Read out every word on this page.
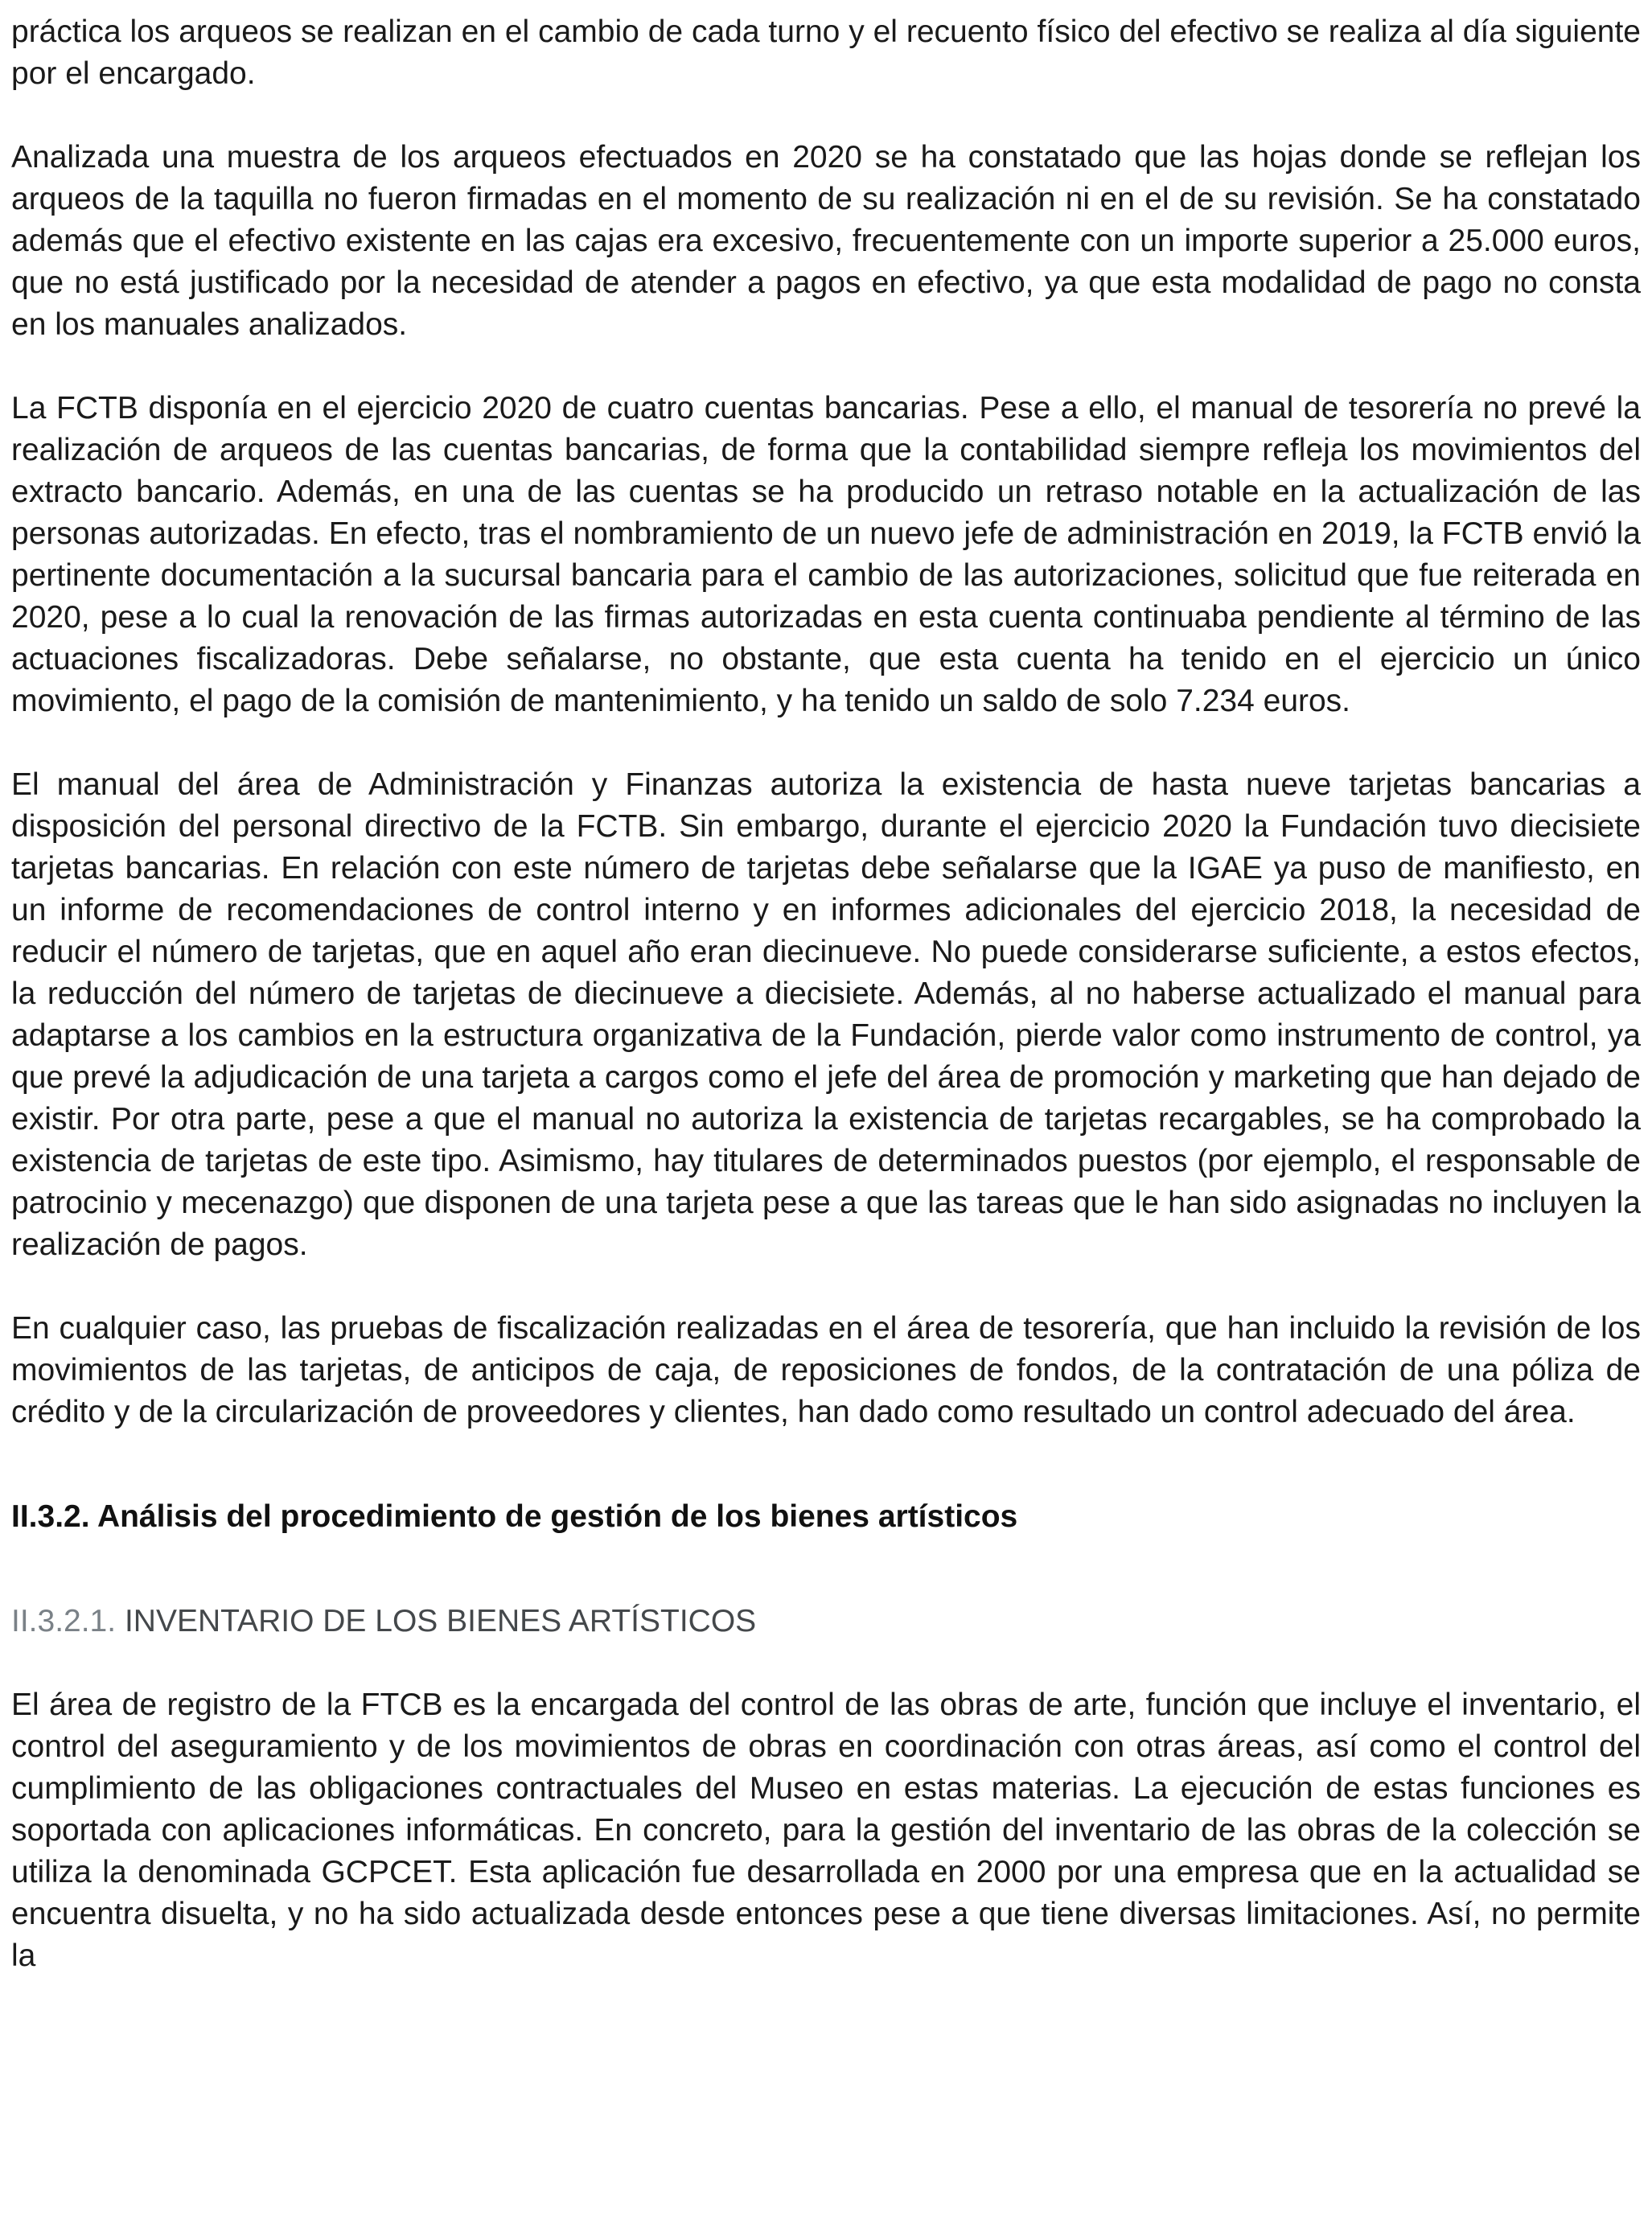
práctica los arqueos se realizan en el cambio de cada turno y el recuento físico del efectivo se realiza al día siguiente por el encargado.

Analizada una muestra de los arqueos efectuados en 2020 se ha constatado que las hojas donde se reflejan los arqueos de la taquilla no fueron firmadas en el momento de su realización ni en el de su revisión. Se ha constatado además que el efectivo existente en las cajas era excesivo, frecuentemente con un importe superior a 25.000 euros, que no está justificado por la necesidad de atender a pagos en efectivo, ya que esta modalidad de pago no consta en los manuales analizados.

La FCTB disponía en el ejercicio 2020 de cuatro cuentas bancarias. Pese a ello, el manual de tesorería no prevé la realización de arqueos de las cuentas bancarias, de forma que la contabilidad siempre refleja los movimientos del extracto bancario. Además, en una de las cuentas se ha producido un retraso notable en la actualización de las personas autorizadas. En efecto, tras el nombramiento de un nuevo jefe de administración en 2019, la FCTB envió la pertinente documentación a la sucursal bancaria para el cambio de las autorizaciones, solicitud que fue reiterada en 2020, pese a lo cual la renovación de las firmas autorizadas en esta cuenta continuaba pendiente al término de las actuaciones fiscalizadoras. Debe señalarse, no obstante, que esta cuenta ha tenido en el ejercicio un único movimiento, el pago de la comisión de mantenimiento, y ha tenido un saldo de solo 7.234 euros.

El manual del área de Administración y Finanzas autoriza la existencia de hasta nueve tarjetas bancarias a disposición del personal directivo de la FCTB. Sin embargo, durante el ejercicio 2020 la Fundación tuvo diecisiete tarjetas bancarias. En relación con este número de tarjetas debe señalarse que la IGAE ya puso de manifiesto, en un informe de recomendaciones de control interno y en informes adicionales del ejercicio 2018, la necesidad de reducir el número de tarjetas, que en aquel año eran diecinueve. No puede considerarse suficiente, a estos efectos, la reducción del número de tarjetas de diecinueve a diecisiete. Además, al no haberse actualizado el manual para adaptarse a los cambios en la estructura organizativa de la Fundación, pierde valor como instrumento de control, ya que prevé la adjudicación de una tarjeta a cargos como el jefe del área de promoción y marketing que han dejado de existir. Por otra parte, pese a que el manual no autoriza la existencia de tarjetas recargables, se ha comprobado la existencia de tarjetas de este tipo. Asimismo, hay titulares de determinados puestos (por ejemplo, el responsable de patrocinio y mecenazgo) que disponen de una tarjeta pese a que las tareas que le han sido asignadas no incluyen la realización de pagos.

En cualquier caso, las pruebas de fiscalización realizadas en el área de tesorería, que han incluido la revisión de los movimientos de las tarjetas, de anticipos de caja, de reposiciones de fondos, de la contratación de una póliza de crédito y de la circularización de proveedores y clientes, han dado como resultado un control adecuado del área.

II.3.2. Análisis del procedimiento de gestión de los bienes artísticos
II.3.2.1. INVENTARIO DE LOS BIENES ARTÍSTICOS

El área de registro de la FTCB es la encargada del control de las obras de arte, función que incluye el inventario, el control del aseguramiento y de los movimientos de obras en coordinación con otras áreas, así como el control del cumplimiento de las obligaciones contractuales del Museo en estas materias. La ejecución de estas funciones es soportada con aplicaciones informáticas. En concreto, para la gestión del inventario de las obras de la colección se utiliza la denominada GCPCET. Esta aplicación fue desarrollada en 2000 por una empresa que en la actualidad se encuentra disuelta, y no ha sido actualizada desde entonces pese a que tiene diversas limitaciones. Así, no permite la
